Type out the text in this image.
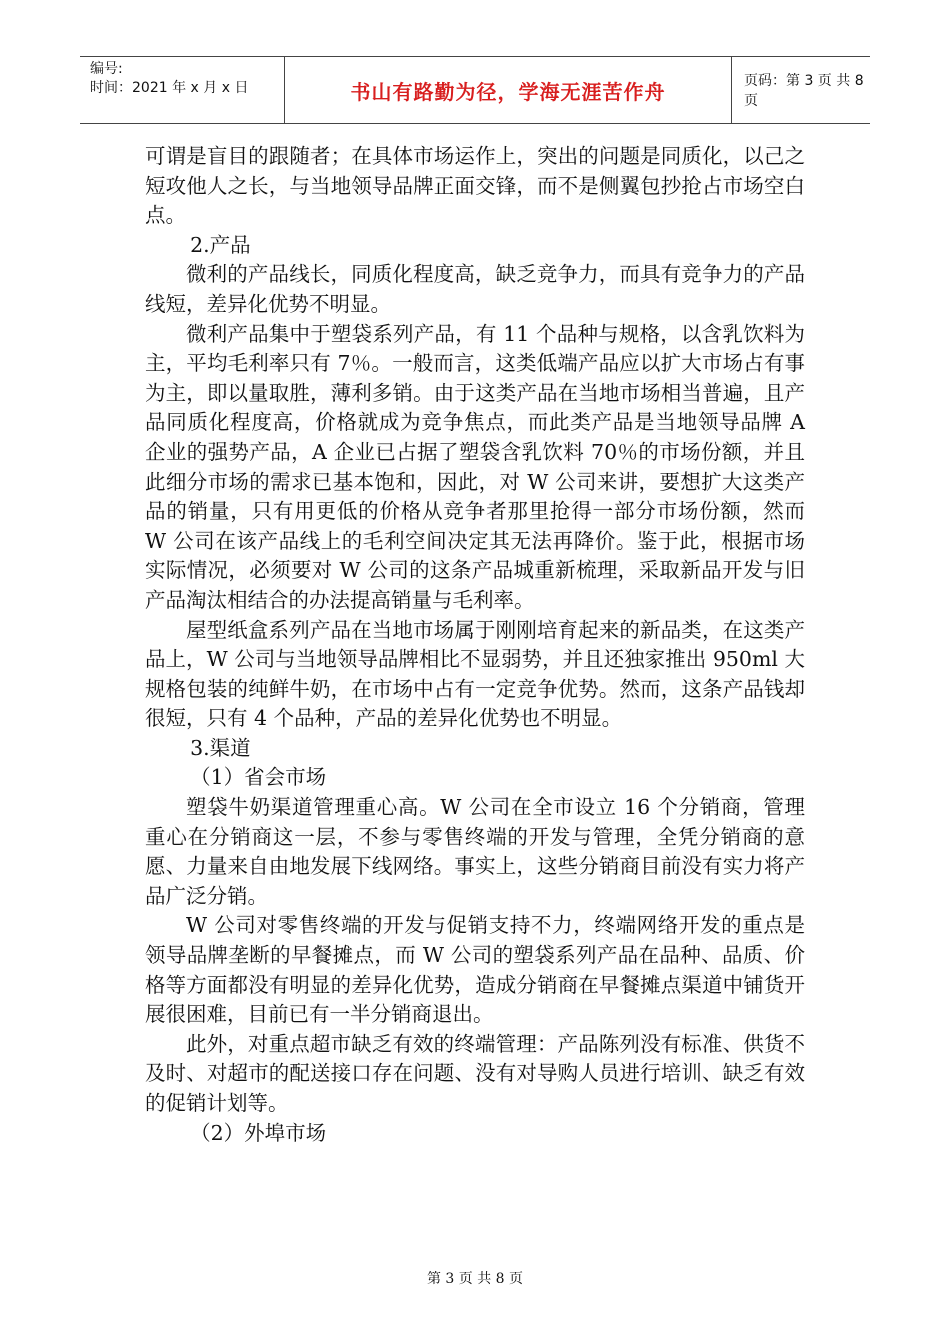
编号:
时间：2021 年 x 月 x 日	书山有路勤为径，学海无涯苦作舟	页码：第 3 页 共 8 页

可谓是盲目的跟随者；在具体市场运作上，突出的问题是同质化，以己之短攻他人之长，与当地领导品牌正面交锋，而不是侧翼包抄抢占市场空白点。

2.产品

微利的产品线长，同质化程度高，缺乏竞争力，而具有竞争力的产品线短，差异化优势不明显。

微利产品集中于塑袋系列产品，有 11 个品种与规格，以含乳饮料为主，平均毛利率只有 7％。一般而言，这类低端产品应以扩大市场占有事为主，即以量取胜，薄利多销。由于这类产品在当地市场相当普遍，且产品同质化程度高，价格就成为竞争焦点，而此类产品是当地领导品牌 A 企业的强势产品，A 企业已占据了塑袋含乳饮料 70％的市场份额，并且此细分市场的需求已基本饱和，因此，对 W 公司来讲，要想扩大这类产品的销量，只有用更低的价格从竞争者那里抢得一部分市场份额，然而 W 公司在该产品线上的毛利空间决定其无法再降价。鉴于此，根据市场实际情况，必须要对 W 公司的这条产品城重新梳理，采取新品开发与旧产品淘汰相结合的办法提高销量与毛利率。

屋型纸盒系列产品在当地市场属于刚刚培育起来的新品类，在这类产品上，W 公司与当地领导品牌相比不显弱势，并且还独家推出 950ml 大规格包装的纯鲜牛奶，在市场中占有一定竞争优势。然而，这条产品钱却很短，只有 4 个品种，产品的差异化优势也不明显。

3.渠道

（1）省会市场

塑袋牛奶渠道管理重心高。W 公司在全市设立 16 个分销商，管理重心在分销商这一层，不参与零售终端的开发与管理，全凭分销商的意愿、力量来自由地发展下线网络。事实上，这些分销商目前没有实力将产品广泛分销。

W 公司对零售终端的开发与促销支持不力，终端网络开发的重点是领导品牌垄断的早餐摊点，而 W 公司的塑袋系列产品在品种、品质、价格等方面都没有明显的差异化优势，造成分销商在早餐摊点渠道中铺货开展很困难，目前已有一半分销商退出。

此外，对重点超市缺乏有效的终端管理：产品陈列没有标准、供货不及时、对超市的配送接口存在问题、没有对导购人员进行培训、缺乏有效的促销计划等。

（2）外埠市场

第 3 页 共 8 页
